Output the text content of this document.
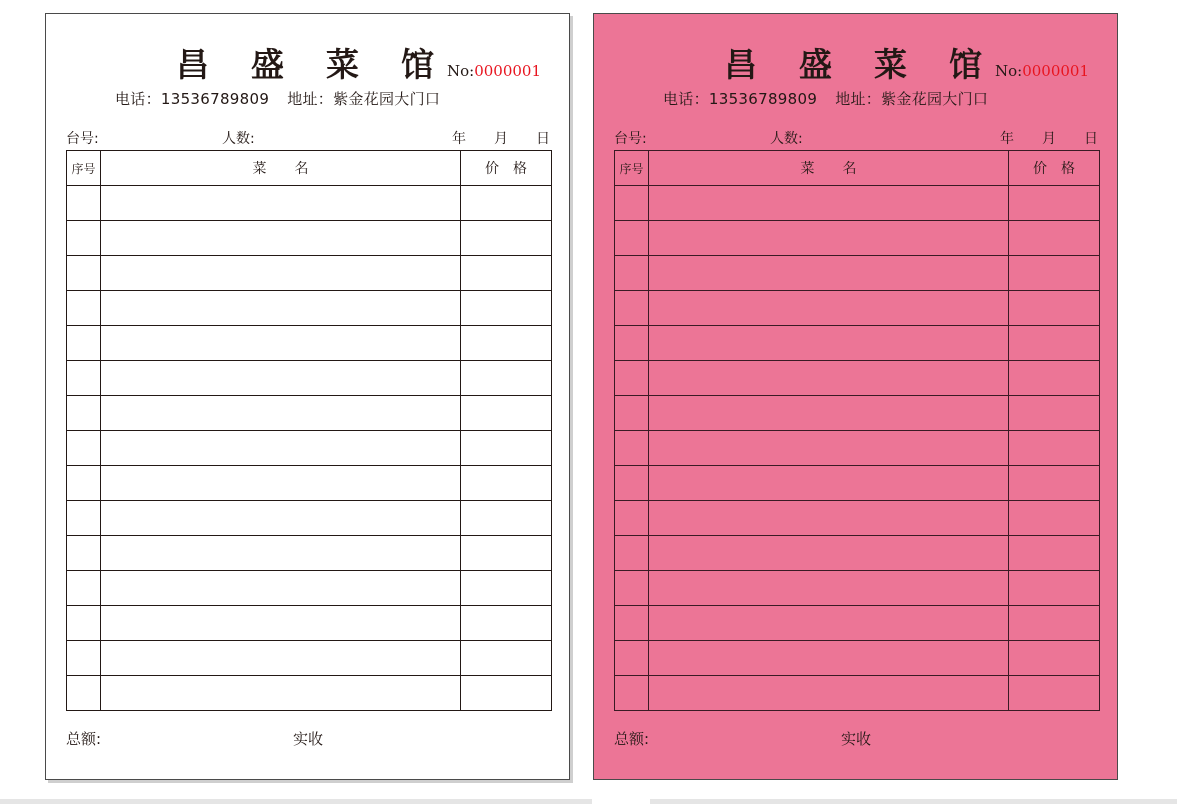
昌 盛 菜 馆 No:0000001
电话：13536789809 地址：紫金花园大门口
台号:	人数:	年 月 日
序号	菜　　名	价　格

总额:	实收
昌 盛 菜 馆 No:0000001
电话：13536789809 地址：紫金花园大门口
台号:	人数:	年 月 日
序号	菜　　名	价　格

总额:	实收
